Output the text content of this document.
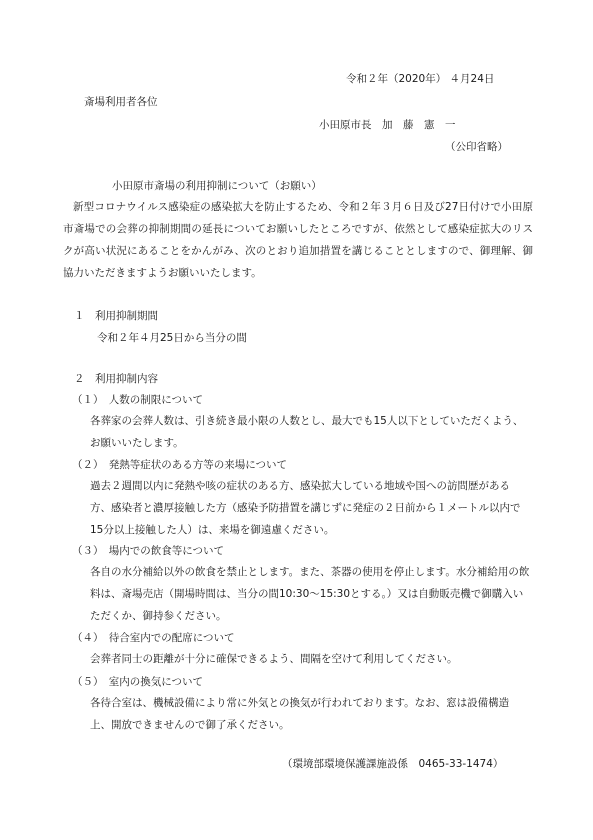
令和２年（2020年） ４月24日
斎場利用者各位
小田原市長　加　藤　憲　一
（公印省略）
小田原市斎場の利用抑制について（お願い）
新型コロナウイルス感染症の感染拡大を防止するため、令和２年３月６日及び27日付けで小田原市斎場での会葬の抑制期間の延長についてお願いしたところですが、依然として感染症拡大のリスクが高い状況にあることをかんがみ、次のとおり追加措置を講じることとしますので、御理解、御協力いただきますようお願いいたします。
１　利用抑制期間
令和２年４月25日から当分の間
２　利用抑制内容
（１）　人数の制限について
各葬家の会葬人数は、引き続き最小限の人数とし、最大でも15人以下としていただくよう、お願いいたします。
（２）　発熱等症状のある方等の来場について
過去２週間以内に発熱や咳の症状のある方、感染拡大している地域や国への訪問歴がある方、感染者と濃厚接触した方（感染予防措置を講じずに発症の２日前から１メートル以内で15分以上接触した人）は、来場を御遠慮ください。
（３）　場内での飲食等について
各自の水分補給以外の飲食を禁止とします。また、茶器の使用を停止します。水分補給用の飲料は、斎場売店（開場時間は、当分の間10:30～15:30とする。）又は自動販売機で御購入いただくか、御持参ください。
（４）　待合室内での配席について
会葬者同士の距離が十分に確保できるよう、間隔を空けて利用してください。
（５）　室内の換気について
各待合室は、機械設備により常に外気との換気が行われております。なお、窓は設備構造上、開放できませんので御了承ください。
（環境部環境保護課施設係　0465-33-1474）
